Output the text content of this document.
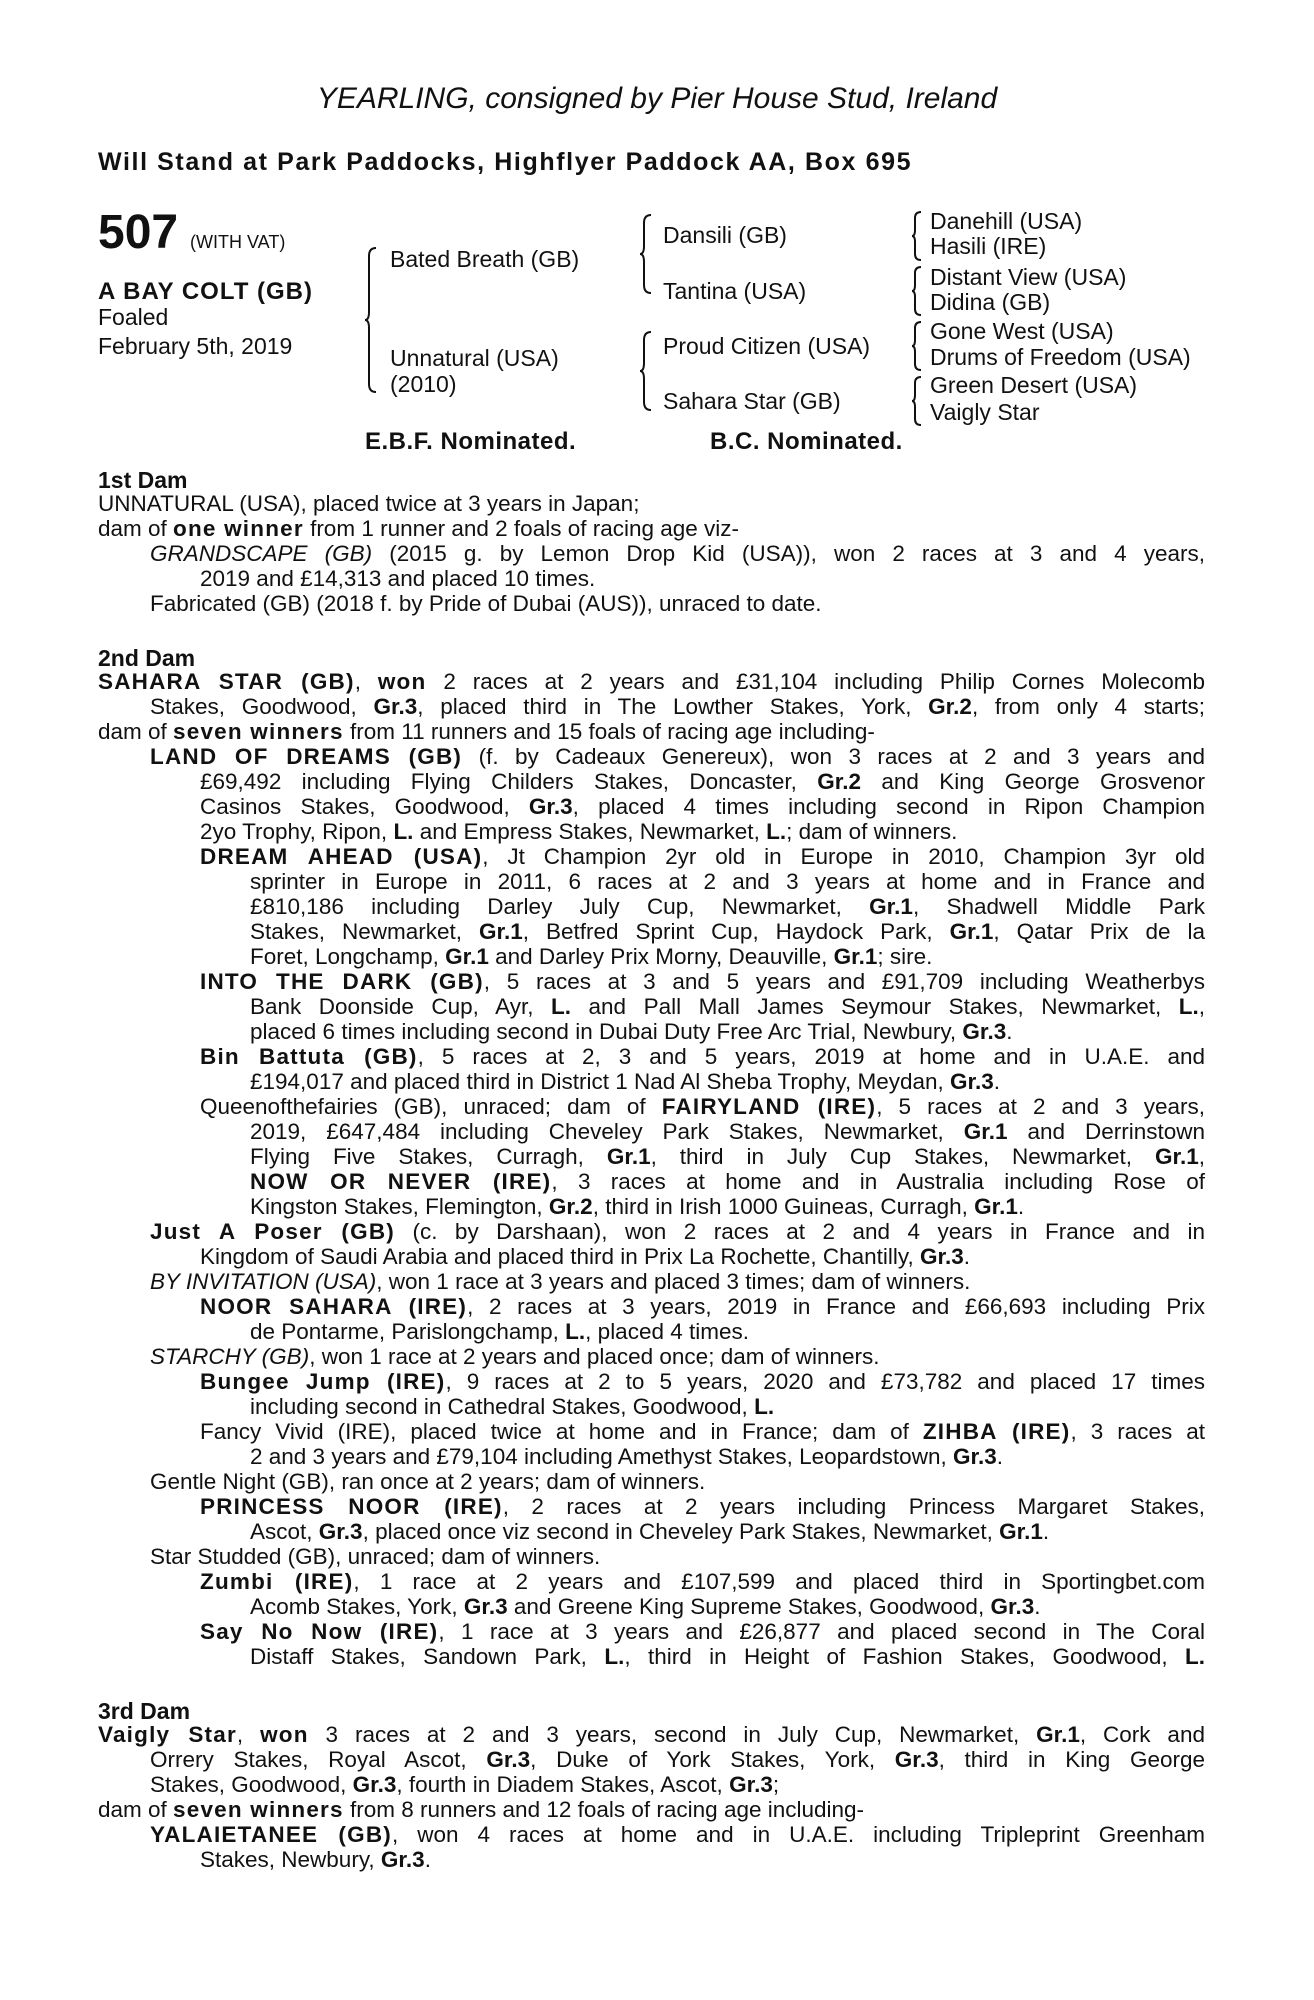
YEARLING, consigned by Pier House Stud, Ireland
Will Stand at Park Paddocks, Highflyer Paddock AA, Box 695
507 (WITH VAT)
A BAY COLT (GB)
Foaled
February 5th, 2019
Bated Breath (GB)
Unnatural (USA)
(2010)
Dansili (GB)
Tantina (USA)
Proud Citizen (USA)
Sahara Star (GB)
Danehill (USA)
Hasili (IRE)
Distant View (USA)
Didina (GB)
Gone West (USA)
Drums of Freedom (USA)
Green Desert (USA)
Vaigly Star
E.B.F. Nominated.	B.C. Nominated.
1st Dam
2nd Dam
3rd Dam
UNNATURAL (USA), placed twice at 3 years in Japan;
dam of one winner from 1 runner and 2 foals of racing age viz-
GRANDSCAPE (GB) (2015 g. by Lemon Drop Kid (USA)), won 2 races at 3 and 4 years,
2019 and £14,313 and placed 10 times.
Fabricated (GB) (2018 f. by Pride of Dubai (AUS)), unraced to date.
SAHARA STAR (GB), won 2 races at 2 years and £31,104 including Philip Cornes Molecomb
Stakes, Goodwood, Gr.3, placed third in The Lowther Stakes, York, Gr.2, from only 4 starts;
dam of seven winners from 11 runners and 15 foals of racing age including-
LAND OF DREAMS (GB) (f. by Cadeaux Genereux), won 3 races at 2 and 3 years and
£69,492 including Flying Childers Stakes, Doncaster, Gr.2 and King George Grosvenor
Casinos Stakes, Goodwood, Gr.3, placed 4 times including second in Ripon Champion
2yo Trophy, Ripon, L. and Empress Stakes, Newmarket, L.; dam of winners.
DREAM AHEAD (USA), Jt Champion 2yr old in Europe in 2010, Champion 3yr old
sprinter in Europe in 2011, 6 races at 2 and 3 years at home and in France and
£810,186 including Darley July Cup, Newmarket, Gr.1, Shadwell Middle Park
Stakes, Newmarket, Gr.1, Betfred Sprint Cup, Haydock Park, Gr.1, Qatar Prix de la
Foret, Longchamp, Gr.1 and Darley Prix Morny, Deauville, Gr.1; sire.
INTO THE DARK (GB), 5 races at 3 and 5 years and £91,709 including Weatherbys
Bank Doonside Cup, Ayr, L. and Pall Mall James Seymour Stakes, Newmarket, L.,
placed 6 times including second in Dubai Duty Free Arc Trial, Newbury, Gr.3.
Bin Battuta (GB), 5 races at 2, 3 and 5 years, 2019 at home and in U.A.E. and
£194,017 and placed third in District 1 Nad Al Sheba Trophy, Meydan, Gr.3.
Queenofthefairies (GB), unraced; dam of FAIRYLAND (IRE), 5 races at 2 and 3 years,
2019, £647,484 including Cheveley Park Stakes, Newmarket, Gr.1 and Derrinstown
Flying Five Stakes, Curragh, Gr.1, third in July Cup Stakes, Newmarket, Gr.1,
NOW OR NEVER (IRE), 3 races at home and in Australia including Rose of
Kingston Stakes, Flemington, Gr.2, third in Irish 1000 Guineas, Curragh, Gr.1.
Just A Poser (GB) (c. by Darshaan), won 2 races at 2 and 4 years in France and in
Kingdom of Saudi Arabia and placed third in Prix La Rochette, Chantilly, Gr.3.
BY INVITATION (USA), won 1 race at 3 years and placed 3 times; dam of winners.
NOOR SAHARA (IRE), 2 races at 3 years, 2019 in France and £66,693 including Prix
de Pontarme, Parislongchamp, L., placed 4 times.
STARCHY (GB), won 1 race at 2 years and placed once; dam of winners.
Bungee Jump (IRE), 9 races at 2 to 5 years, 2020 and £73,782 and placed 17 times
including second in Cathedral Stakes, Goodwood, L.
Fancy Vivid (IRE), placed twice at home and in France; dam of ZIHBA (IRE), 3 races at
2 and 3 years and £79,104 including Amethyst Stakes, Leopardstown, Gr.3.
Gentle Night (GB), ran once at 2 years; dam of winners.
PRINCESS NOOR (IRE), 2 races at 2 years including Princess Margaret Stakes,
Ascot, Gr.3, placed once viz second in Cheveley Park Stakes, Newmarket, Gr.1.
Star Studded (GB), unraced; dam of winners.
Zumbi (IRE), 1 race at 2 years and £107,599 and placed third in Sportingbet.com
Acomb Stakes, York, Gr.3 and Greene King Supreme Stakes, Goodwood, Gr.3.
Say No Now (IRE), 1 race at 3 years and £26,877 and placed second in The Coral
Distaff Stakes, Sandown Park, L., third in Height of Fashion Stakes, Goodwood, L.
Vaigly Star, won 3 races at 2 and 3 years, second in July Cup, Newmarket, Gr.1, Cork and
Orrery Stakes, Royal Ascot, Gr.3, Duke of York Stakes, York, Gr.3, third in King George
Stakes, Goodwood, Gr.3, fourth in Diadem Stakes, Ascot, Gr.3;
dam of seven winners from 8 runners and 12 foals of racing age including-
YALAIETANEE (GB), won 4 races at home and in U.A.E. including Tripleprint Greenham
Stakes, Newbury, Gr.3.
